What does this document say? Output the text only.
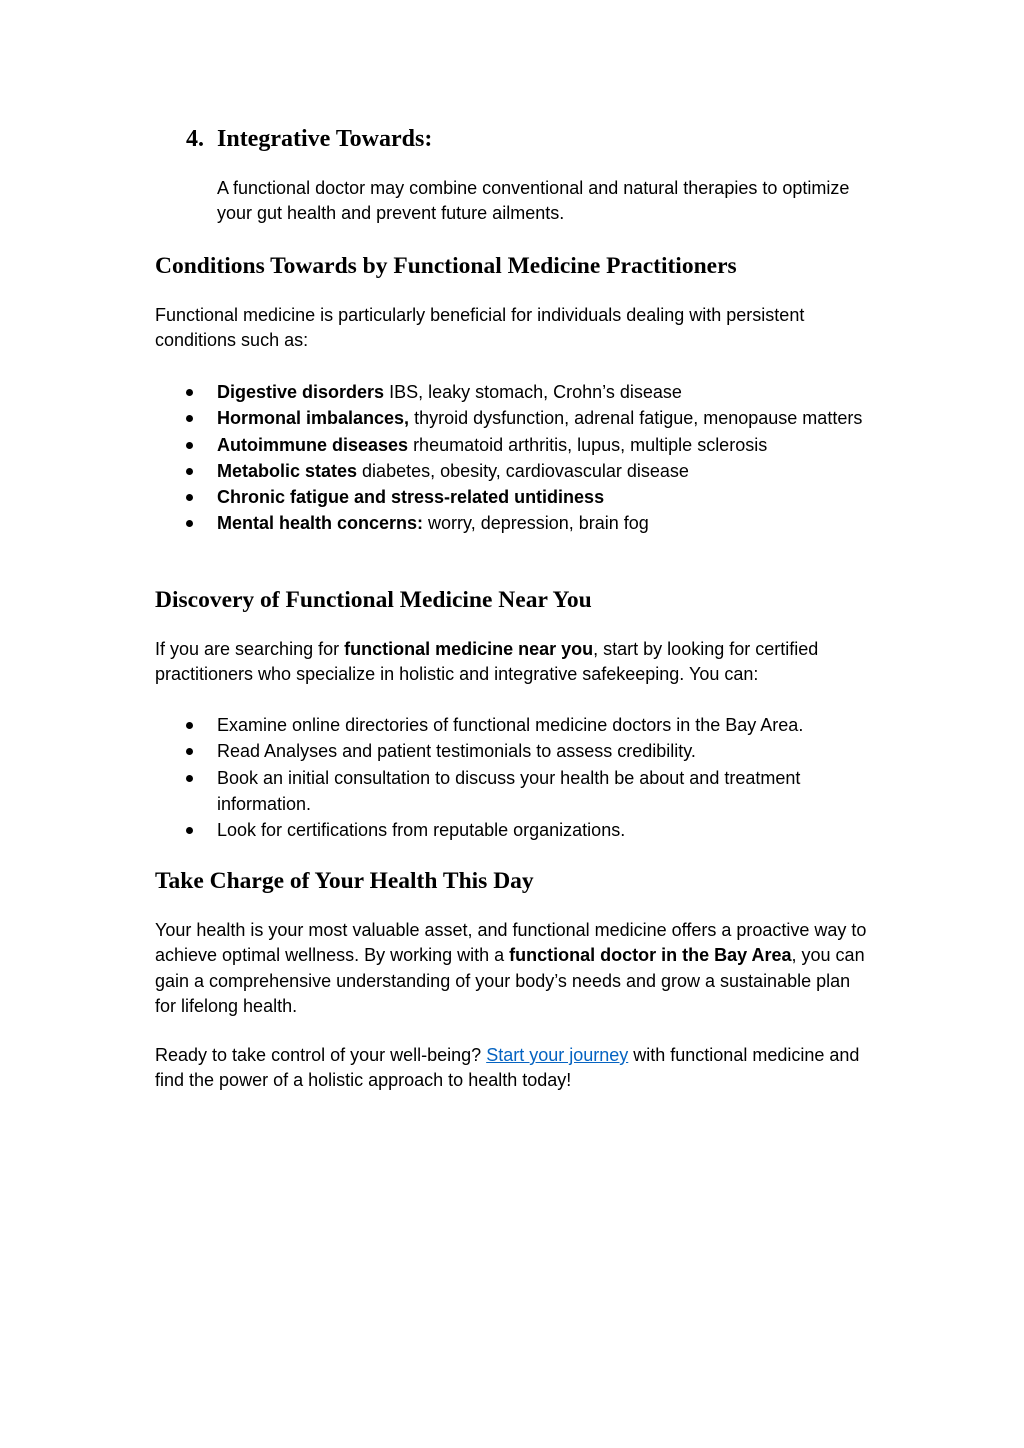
4. Integrative Towards:

A functional doctor may combine conventional and natural therapies to optimize your gut health and prevent future ailments.

Conditions Towards by Functional Medicine Practitioners

Functional medicine is particularly beneficial for individuals dealing with persistent conditions such as:

Digestive disorders IBS, leaky stomach, Crohn’s disease
Hormonal imbalances, thyroid dysfunction, adrenal fatigue, menopause matters
Autoimmune diseases rheumatoid arthritis, lupus, multiple sclerosis
Metabolic states diabetes, obesity, cardiovascular disease
Chronic fatigue and stress-related untidiness
Mental health concerns: worry, depression, brain fog
Discovery of Functional Medicine Near You

If you are searching for functional medicine near you, start by looking for certified practitioners who specialize in holistic and integrative safekeeping. You can:

Examine online directories of functional medicine doctors in the Bay Area.
Read Analyses and patient testimonials to assess credibility.
Book an initial consultation to discuss your health be about and treatment information.
Look for certifications from reputable organizations.
Take Charge of Your Health This Day

Your health is your most valuable asset, and functional medicine offers a proactive way to achieve optimal wellness. By working with a functional doctor in the Bay Area, you can gain a comprehensive understanding of your body’s needs and grow a sustainable plan for lifelong health.

Ready to take control of your well-being? Start your journey with functional medicine and find the power of a holistic approach to health today!
